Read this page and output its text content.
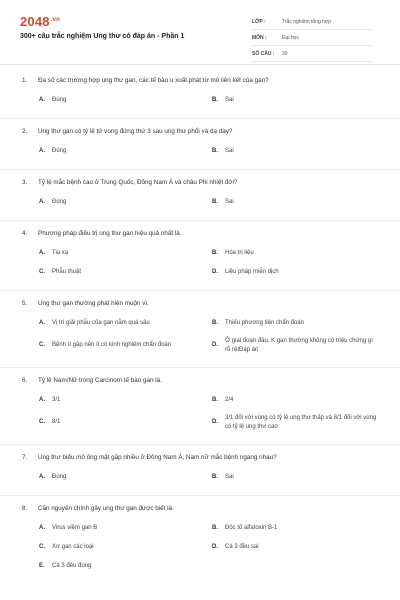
$2048^{.vn}$
300+ câu trắc nghiệm Ung thư có đáp án - Phần 1
LỚP :	Trắc nghiệm tổng hợp
MÔN :	Đại học
SỐ CÂU :	30
1.	Đa số các trường hợp ung thư gan, các tế bào u xuất phát từ mô liên kết của gan?
A.	Đúng	B.	Sai
2.	Ung thư gan có tỷ lệ tử vong đứng thứ 3 sau ung thư phổi và dạ dày?
A.	Đúng	B.	Sai
3.	Tỷ lệ mắc bệnh cao ở Trung Quốc, Đông Nam Á và châu Phi nhiệt đới?
A.	Đúng	B.	Sai
4.	Phương pháp điều trị ung thư gan hiệu quả nhất là.
A.	Tia xạ	B.	Hóa trị liệu
C.	Phẫu thuật	D.	Liệu pháp miễn dịch
5.	Ung thư gan thường phát hiện muộn vì.
A.	Vị trí giải phẫu của gan nằm quá sâu	B.	Thiếu phương tiện chẩn đoán
C.	Bệnh ít gặp nên ít có kinh nghiệm chẩn đoán	D.
Ở giai đoạn đầu, K gan thường không có triệu chứng gì rõ rệtĐáp án
6.	Tỷ lệ Nam/Nữ trong Carcinom tế bào gan là.
A.	3/1	B.	2/4
C.	8/1	D.
3/1 đối với vùng có tỷ lệ ung thư thấp và 8/1 đối với vùng có tỷ lệ ung thư cao
7.	Ung thư biểu mô ống mật gặp nhiều ở Đông Nam Á, Nam nữ mắc bệnh ngang nhau?
A.	Đúng	B.	Sai
8.	Căn nguyên chính gây ung thư gan được biết là.
A.	Virus viêm gan B	B.	Độc tố alfatoxin B-1
C.	Xơ gan các loại	D.	Cả 3 đều sai
E.	Cả 3 đều đúng
